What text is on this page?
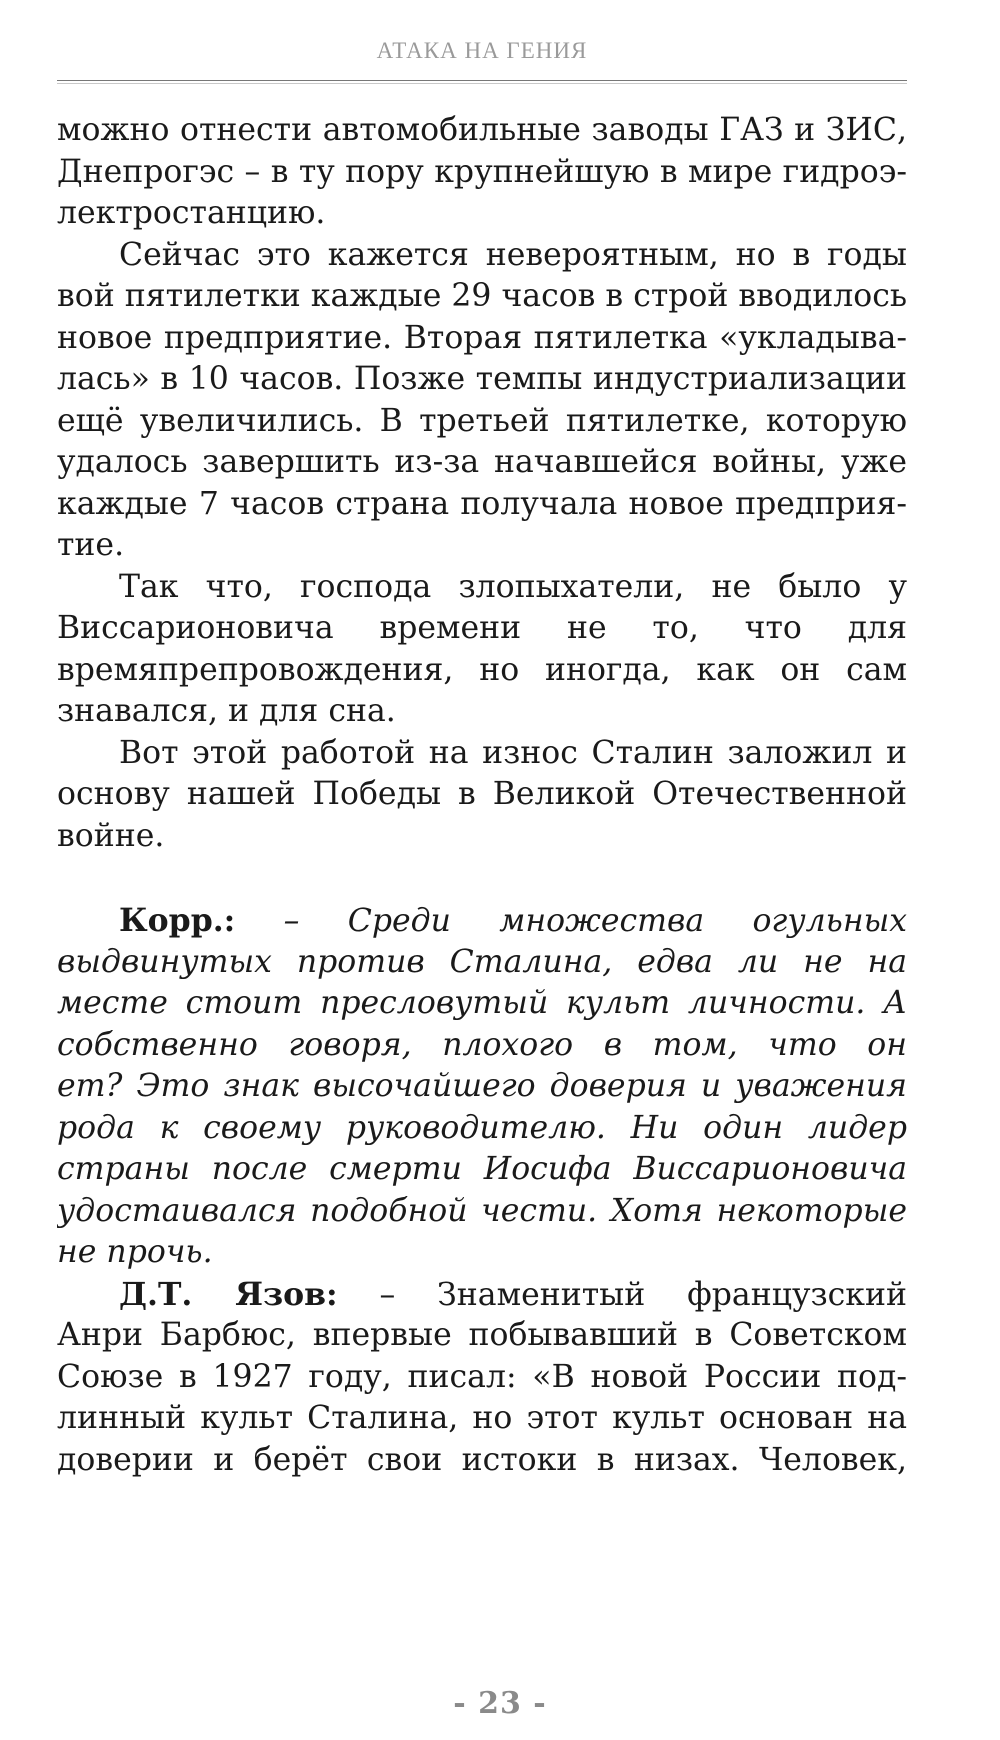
АТАКА НА ГЕНИЯ
можно отнести автомобильные заводы ГАЗ и ЗИС,
Днепрогэс – в ту пору крупнейшую в мире гидроэ-
лектростанцию.
Сейчас это кажется невероятным, но в годы
вой пятилетки каждые 29 часов в строй вводилось
новое предприятие. Вторая пятилетка «укладыва-
лась» в 10 часов. Позже темпы индустриализации
ещё увеличились. В третьей пятилетке, которую
удалось завершить из-за начавшейся войны, уже
каждые 7 часов страна получала новое предприя-
тие.
Так что, господа злопыхатели, не было у
Виссарионовича времени не то, что для
времяпрепровождения, но иногда, как он сам
знавался, и для сна.
Вот этой работой на износ Сталин заложил и
основу нашей Победы в Великой Отечественной
войне.
Корр.: – Среди множества огульных
выдвинутых против Сталина, едва ли не на
месте стоит пресловутый культ личности. А
собственно говоря, плохого в том, что он
ет? Это знак высочайшего доверия и уважения
рода к своему руководителю. Ни один лидер
страны после смерти Иосифа Виссарионовича
удостаивался подобной чести. Хотя некоторые
не прочь.
Д.Т. Язов: – Знаменитый французский
Анри Барбюс, впервые побывавший в Советском
Союзе в 1927 году, писал: «В новой России под-
линный культ Сталина, но этот культ основан на
доверии и берёт свои истоки в низах. Человек,
- 23 -
